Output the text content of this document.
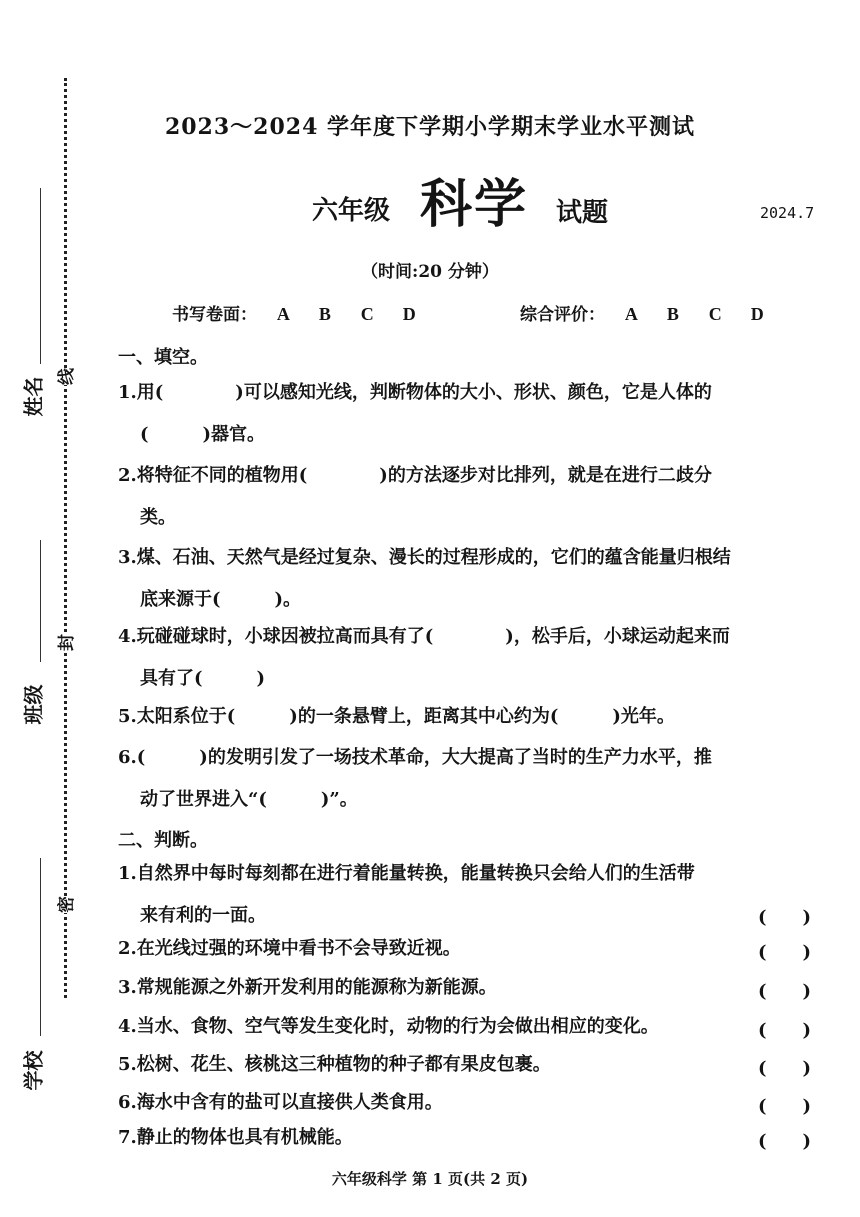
姓名
班级
学校
线
封
密
2023～2024 学年度下学期小学期末学业水平测试
六年级 科学 试题	2024.7
（时间:20 分钟）
书写卷面： A B C D	综合评价： A B C D
一、填空。
1.用(　　　　)可以感知光线，判断物体的大小、形状、颜色，它是人体的
(　　　)器官。
2.将特征不同的植物用(　　　　)的方法逐步对比排列，就是在进行二歧分
类。
3.煤、石油、天然气是经过复杂、漫长的过程形成的，它们的蕴含能量归根结
底来源于(　　　)。
4.玩碰碰球时，小球因被拉高而具有了(　　　　)，松手后，小球运动起来而
具有了(　　　)
5.太阳系位于(　　　)的一条悬臂上，距离其中心约为(　　　)光年。
6.(　　　)的发明引发了一场技术革命，大大提高了当时的生产力水平，推
动了世界进入“(　　　)”。
二、判断。
1.自然界中每时每刻都在进行着能量转换，能量转换只会给人们的生活带
来有利的一面。	(　　)
2.在光线过强的环境中看书不会导致近视。	(　　)
3.常规能源之外新开发利用的能源称为新能源。	(　　)
4.当水、食物、空气等发生变化时，动物的行为会做出相应的变化。	(　　)
5.松树、花生、核桃这三种植物的种子都有果皮包裹。	(　　)
6.海水中含有的盐可以直接供人类食用。	(　　)
7.静止的物体也具有机械能。	(　　)
六年级科学 第 1 页(共 2 页)
